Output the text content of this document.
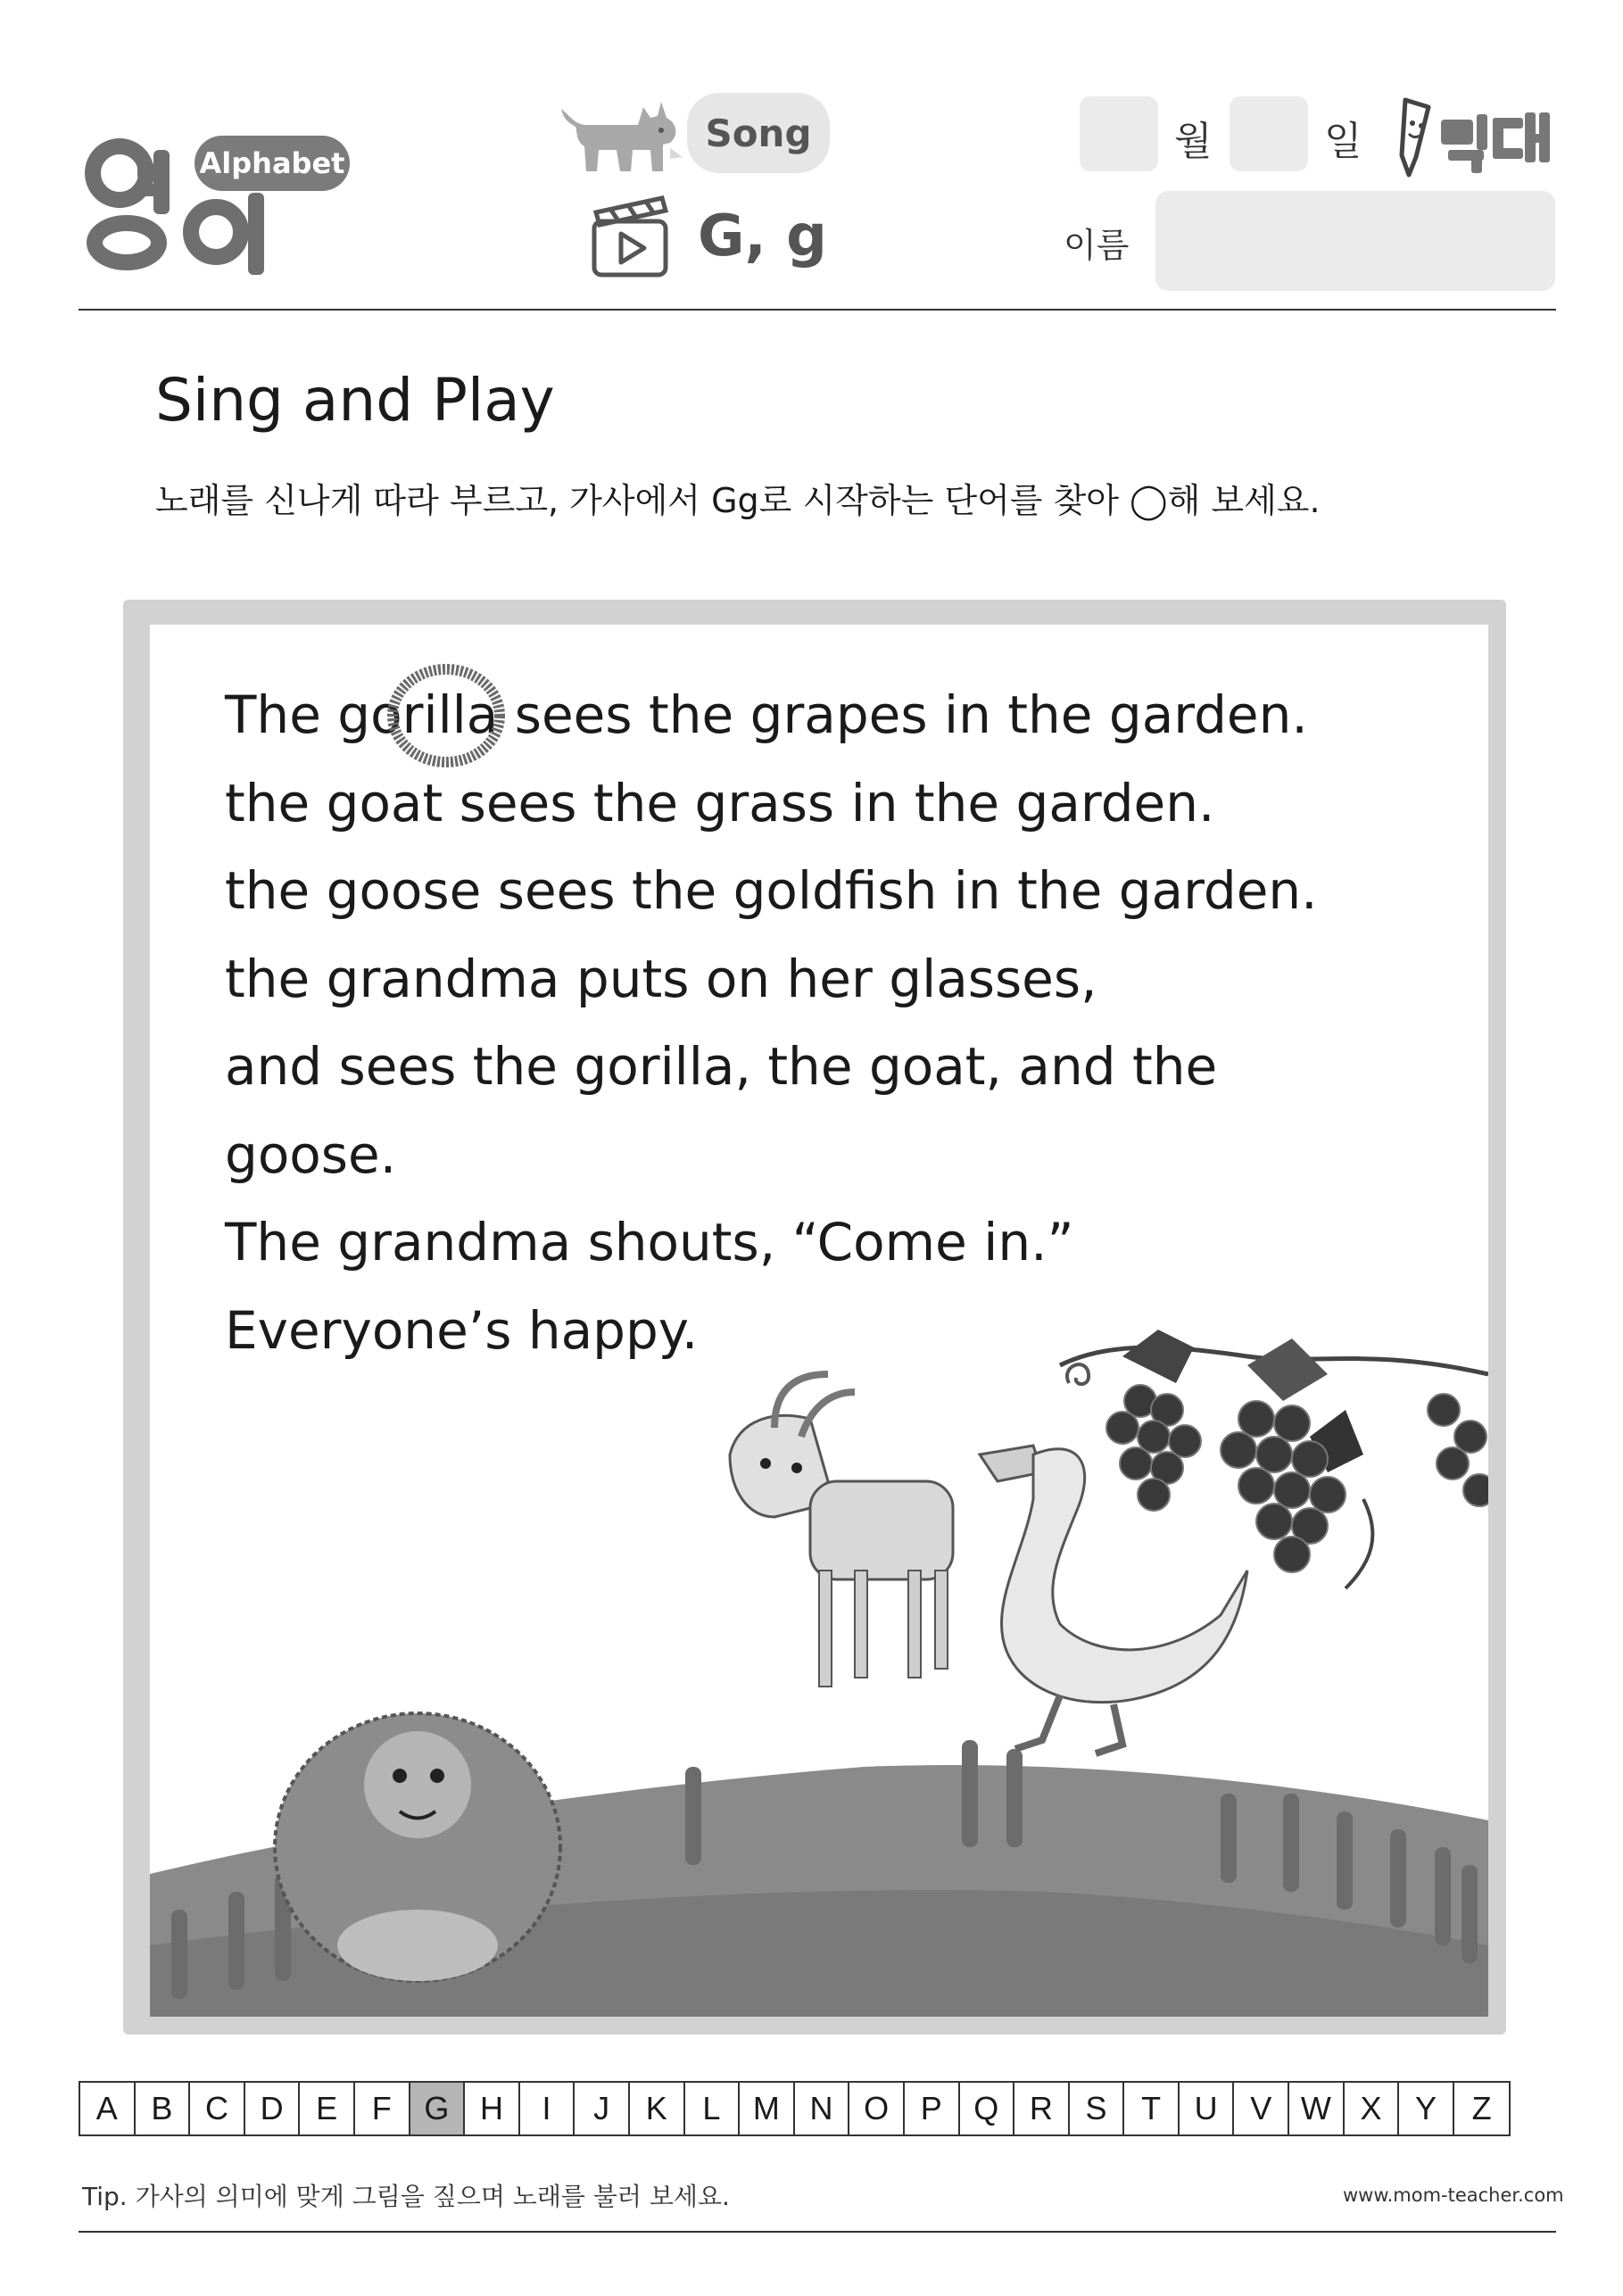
Alphabet
Song
G, g
월	일
이름
Sing and Play
노래를 신나게 따라 부르고, 가사에서 Gg로 시작하는 단어를 찾아 ◯해 보세요.
The gorilla sees the grapes in the garden.
the goat sees the grass in the garden.
the goose sees the goldfish in the garden.
the grandma puts on her glasses,
and sees the gorilla, the goat, and the
goose.
The grandma shouts, “Come in.”
Everyone’s happy.
A	B	C D	E	F	G H	I	J	K	L	M N O P Q R	S	T	U	V W X	Y	Z
Tip. 가사의 의미에 맞게 그림을 짚으며 노래를 불러 보세요.	www.mom-teacher.com
